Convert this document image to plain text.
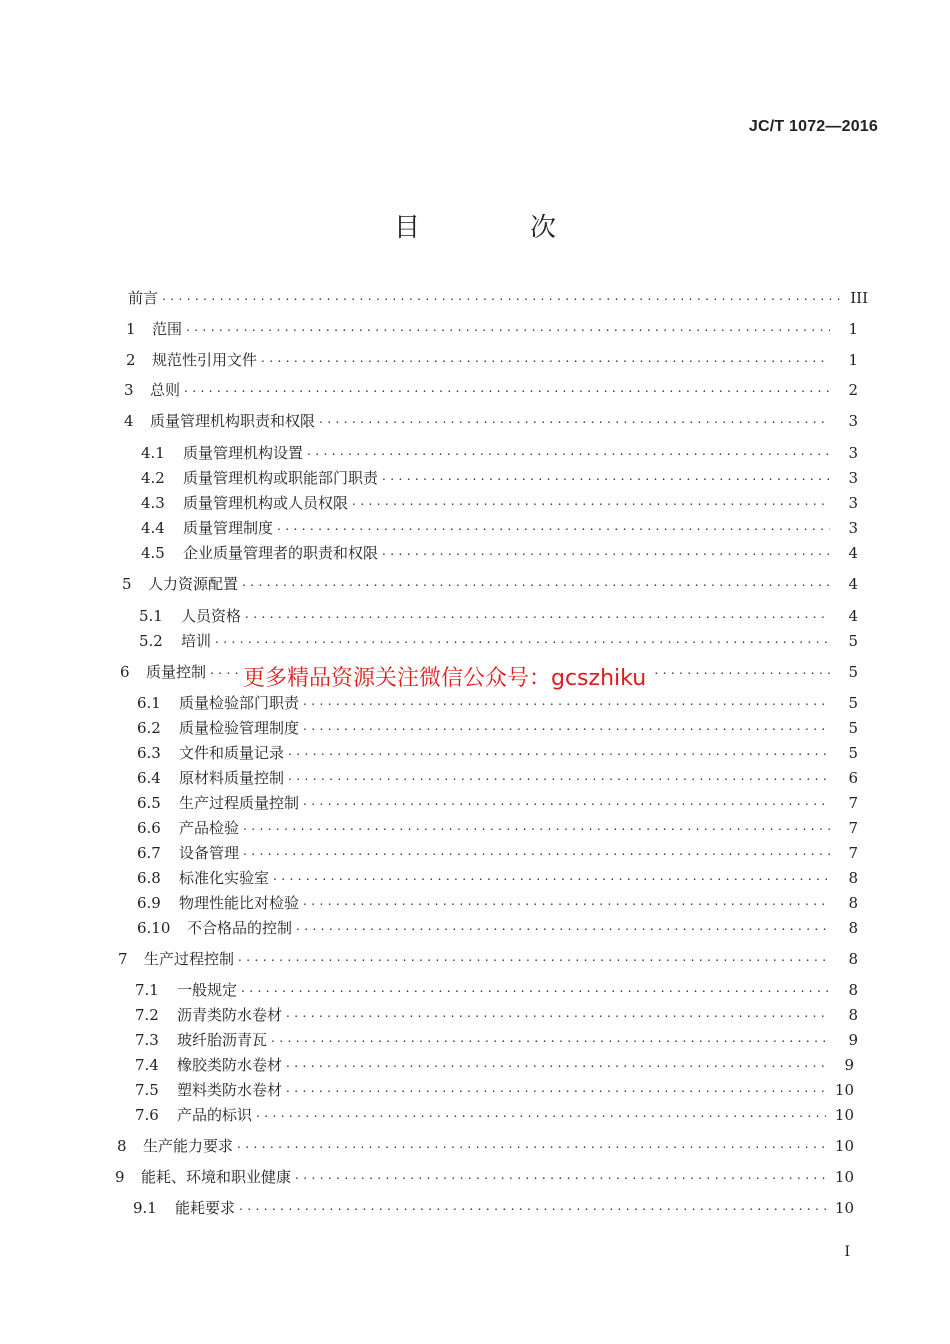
JC/T 1072—2016
目　次
前言 . . .	III
1	范围 . . .	1
2	规范性引用文件 . . .	1
3	总则 . . .	2
4	质量管理机构职责和权限 . . .	3
4.1	质量管理机构设置 . . .	3
4.2	质量管理机构或职能部门职责 . . .	3
4.3	质量管理机构或人员权限 . . .	3
4.4	质量管理制度 . . .	3
4.5	企业质量管理者的职责和权限 . . .	4
5	人力资源配置 . . .	4
5.1	人员资格 . . .	4
5.2	培训 . . .	5
6	质量控制 . . .	5
6.1	质量检验部门职责 . . .	5
6.2	质量检验管理制度 . . .	5
6.3	文件和质量记录 . . .	5
6.4	原材料质量控制 . . .	6
6.5	生产过程质量控制 . . .	7
6.6	产品检验 . . .	7
6.7	设备管理 . . .	7
6.8	标准化实验室 . . .	8
6.9	物理性能比对检验 . . .	8
6.10	不合格品的控制 . . .	8
7	生产过程控制 . . .	8
7.1	一般规定 . . .	8
7.2	沥青类防水卷材 . . .	8
7.3	玻纤胎沥青瓦 . . .	9
7.4	橡胶类防水卷材 . . .	9
7.5	塑料类防水卷材 . . .	10
7.6	产品的标识 . . .	10
8	生产能力要求 . . .	10
9	能耗、环境和职业健康 . . .	10
9.1	能耗要求 . . .	10
更多精品资源关注微信公众号：gcszhiku
I
